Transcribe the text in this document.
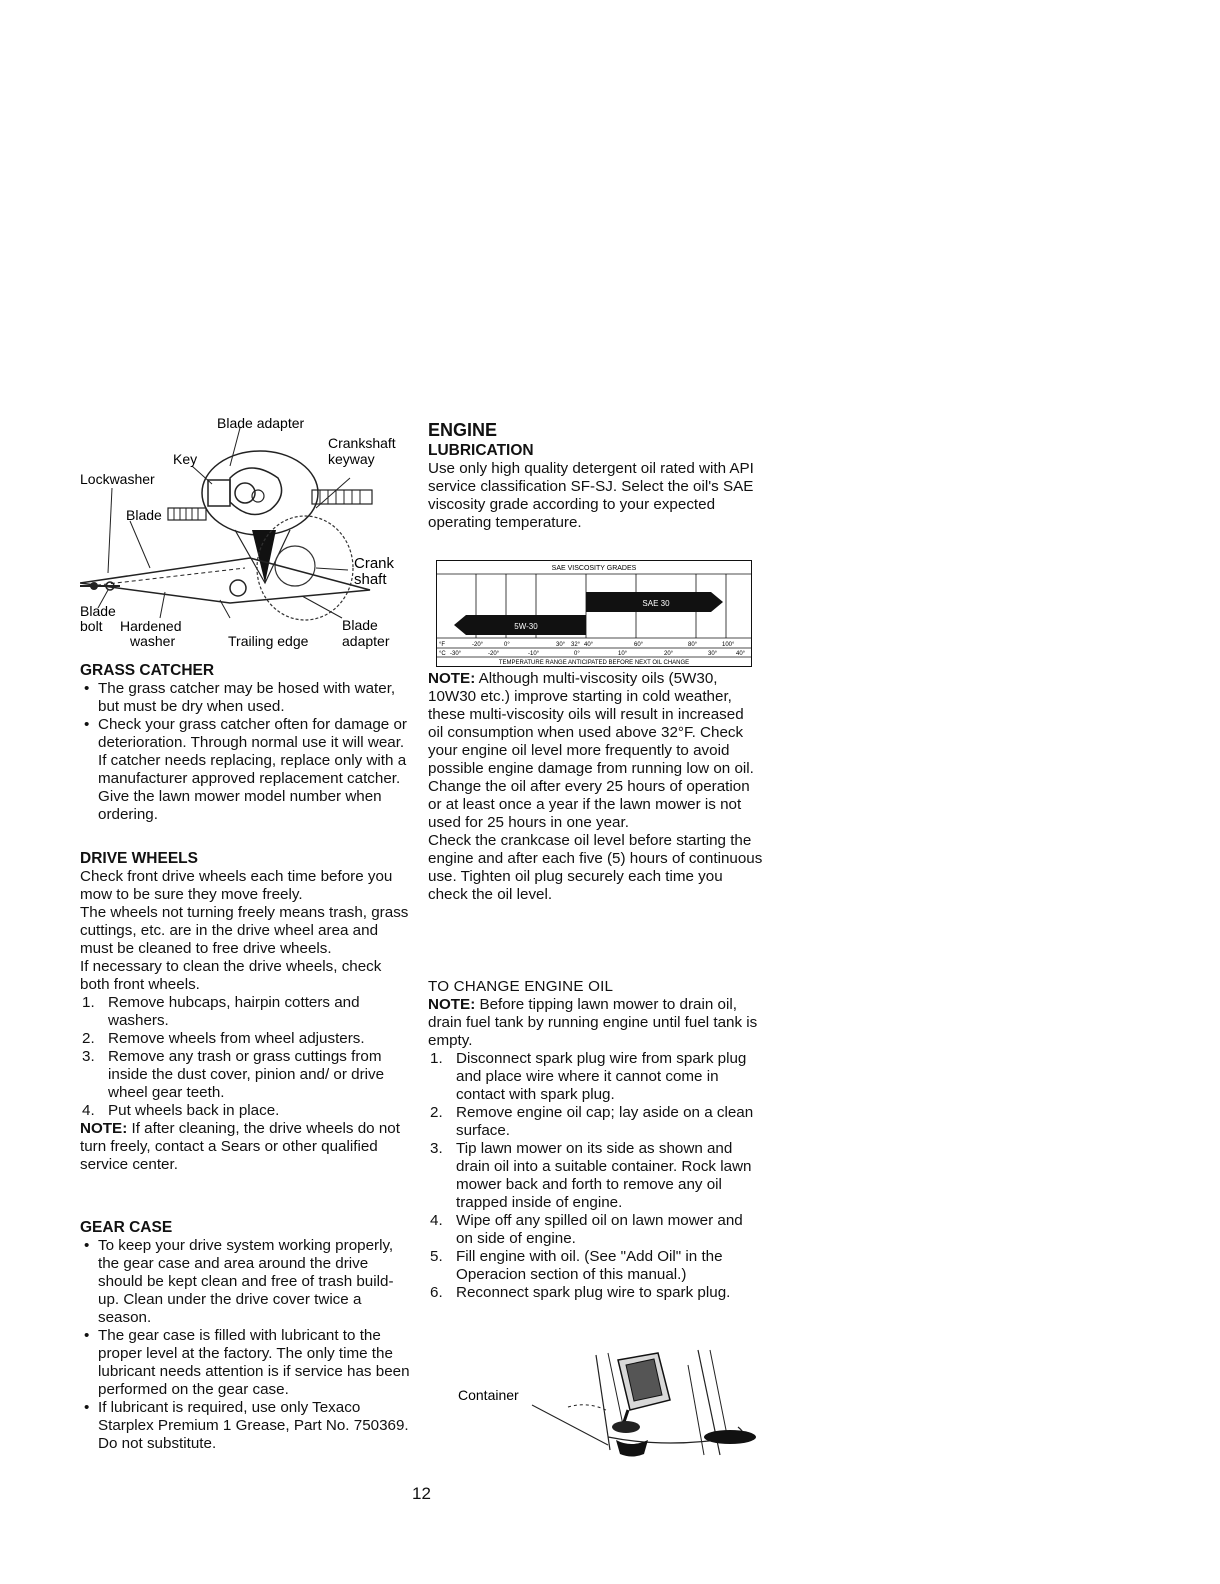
Blade adapter
Key
Crankshaft
keyway
Lockwasher
Blade
Crank
shaft
Blade
bolt Hardened
washer	Trailing edge
Blade
adapter

GRASS CATCHER

• The grass catcher may be hosed with water, but must be dry when used.
• Check your grass catcher often for damage or deterioration. Through normal use it will wear. If catcher needs replacing, replace only with a manufacturer approved replacement catcher. Give the lawn mower model number when ordering.

DRIVE WHEELS

Check front drive wheels each time before you mow to be sure they move freely.

The wheels not turning freely means trash, grass cuttings, etc. are in the drive wheel area and must be cleaned to free drive wheels.

If necessary to clean the drive wheels, check both front wheels.

1. Remove hubcaps, hairpin cotters and washers.
2. Remove wheels from wheel adjusters.
3. Remove any trash or grass cuttings from inside the dust cover, pinion and/ or drive wheel gear teeth.
4. Put wheels back in place.

NOTE: If after cleaning, the drive wheels do not turn freely, contact a Sears or other qualified service center.

GEAR CASE

• To keep your drive system working properly, the gear case and area around the drive should be kept clean and free of trash build-up. Clean under the drive cover twice a season.
• The gear case is filled with lubricant to the proper level at the factory. The only time the lubricant needs attention is if service has been performed on the gear case.
• If lubricant is required, use only Texaco Starplex Premium 1 Grease, Part No. 750369. Do not substitute.

ENGINE

LUBRICATION

Use only high quality detergent oil rated with API service classification SF-SJ. Select the oil's SAE viscosity grade according to your expected operating temperature.

SAE VISCOSITY GRADES
SAE 30
5W-30
°F	-20°	0°	30° 32° 40°	60°	80°	100°
°C -30°	-20°	-10°	0°	10°	20°	30°	40°
TEMPERATURE RANGE ANTICIPATED BEFORE NEXT OIL CHANGE

NOTE: Although multi-viscosity oils (5W30, 10W30 etc.) improve starting in cold weather, these multi-viscosity oils will result in increased oil consumption when used above 32°F. Check your engine oil level more frequently to avoid possible engine damage from running low on oil.

Change the oil after every 25 hours of operation or at least once a year if the lawn mower is not used for 25 hours in one year.

Check the crankcase oil level before starting the engine and after each five (5) hours of continuous use. Tighten oil plug securely each time you check the oil level.

TO CHANGE ENGINE OIL

NOTE: Before tipping lawn mower to drain oil, drain fuel tank by running engine until fuel tank is empty.

1. Disconnect spark plug wire from spark plug and place wire where it cannot come in contact with spark plug.
2. Remove engine oil cap; lay aside on a clean surface.
3. Tip lawn mower on its side as shown and drain oil into a suitable container. Rock lawn mower back and forth to remove any oil trapped inside of engine.
4. Wipe off any spilled oil on lawn mower and on side of engine.
5. Fill engine with oil. (See "Add Oil" in the Operacion section of this manual.)
6. Reconnect spark plug wire to spark plug.
Container
12
